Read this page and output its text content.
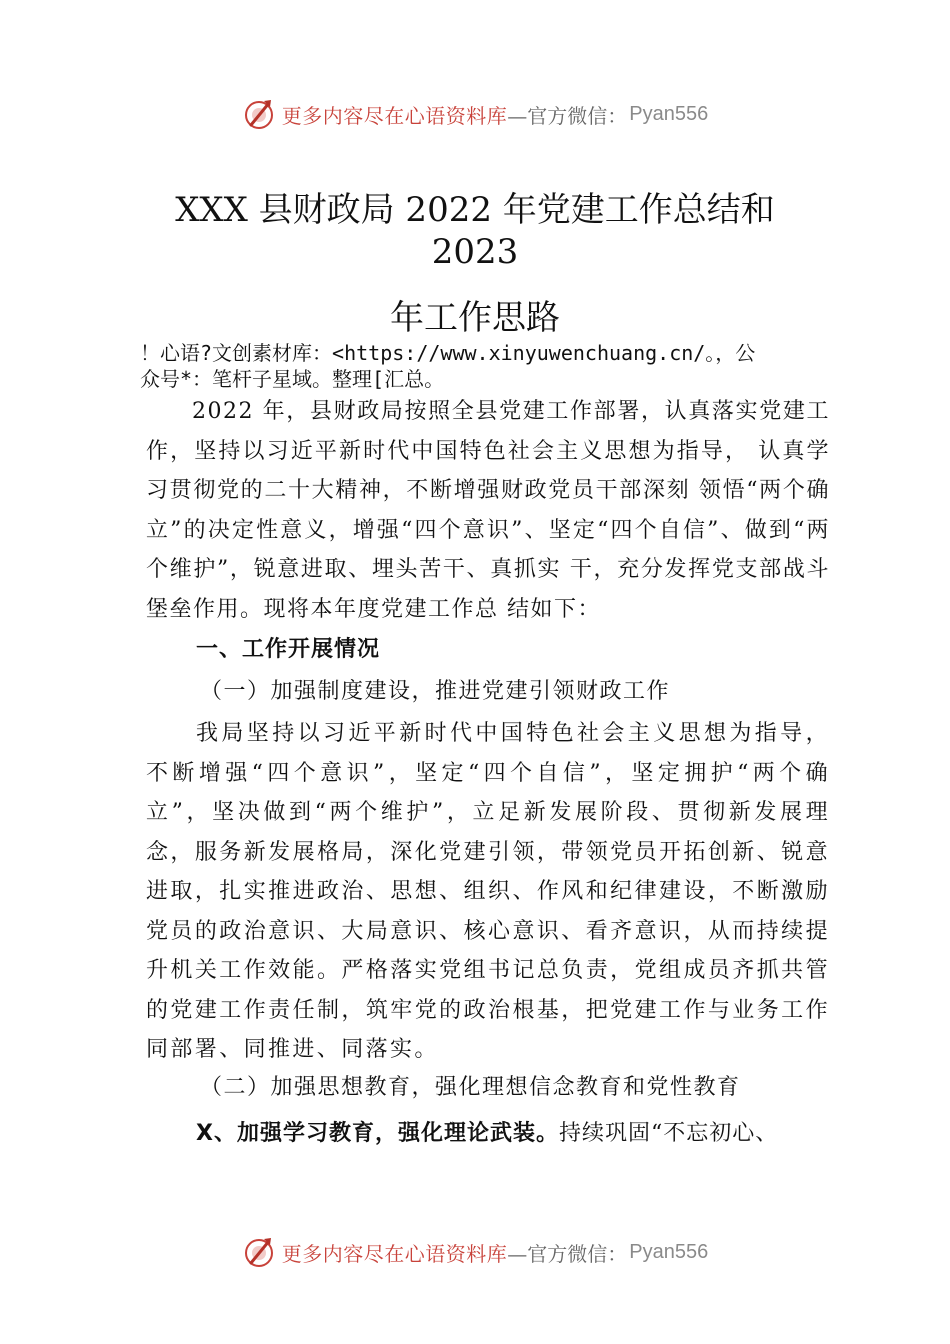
更多内容尽在心语资料库 —官方微信： Pyan556
XXX 县财政局 2022 年党建工作总结和
2023
年工作思路
！心语?文创素材库：<https://www.xinyuwenchuang.cn/。，公
众号*：笔杆子星域。整理[汇总。
2022 年，县财政局按照全县党建工作部署，认真落实党建工作，坚持以习近平新时代中国特色社会主义思想为指导， 认真学习贯彻党的二十大精神，不断增强财政党员干部深刻 领悟“两个确立”的决定性意义，增强“四个意识”、坚定“四个自信”、做到“两个维护”，锐意进取、埋头苦干、真抓实 干，充分发挥党支部战斗堡垒作用。现将本年度党建工作总 结如下：
一、工作开展情况
（一）加强制度建设，推进党建引领财政工作
我局坚持以习近平新时代中国特色社会主义思想为指导，不断增强“四个意识”，坚定“四个自信”，坚定拥护“两个确立”，坚决做到“两个维护”，立足新发展阶段、贯彻新发展理念，服务新发展格局，深化党建引领，带领党员开拓创新、锐意进取，扎实推进政治、思想、组织、作风和纪律建设，不断激励党员的政治意识、大局意识、核心意识、看齐意识，从而持续提升机关工作效能。严格落实党组书记总负责，党组成员齐抓共管的党建工作责任制，筑牢党的政治根基，把党建工作与业务工作同部署、同推进、同落实。
（二）加强思想教育，强化理想信念教育和党性教育
X、加强学习教育，强化理论武装。持续巩固“不忘初心、
更多内容尽在心语资料库 —官方微信： Pyan556
